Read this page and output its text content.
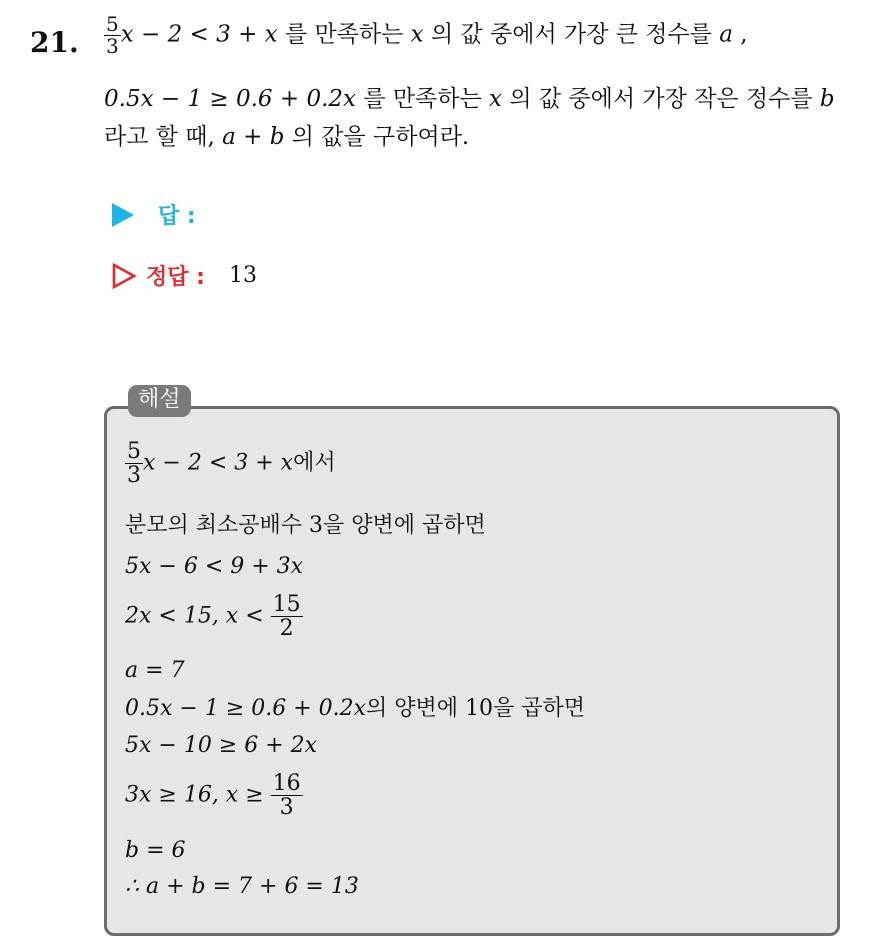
21. $\frac{5}{3}$ x − 2 < 3 + x 를 만족하는 x 의 값 중에서 가장 큰 정수를 a ,
0.5x − 1 ≥ 0.6 + 0.2x 를 만족하는 x 의 값 중에서 가장 작은 정수를 b
라고 할 때, a + b 의 값을 구하여라.
답 :
정답 : 13
해설
$\frac{5}{3}$ x − 2 < 3 + x에서
분모의 최소공배수 3을 양변에 곱하면
5x − 6 < 9 + 3x
2x < 15, $x < \frac{15}{2}$
a = 7
0.5x − 1 ≥ 0.6 + 0.2x의 양변에 10을 곱하면
5x − 10 ≥ 6 + 2x
3x ≥ 16, $x \ge \frac{16}{3}$
b = 6
∴ a + b = 7 + 6 = 13
